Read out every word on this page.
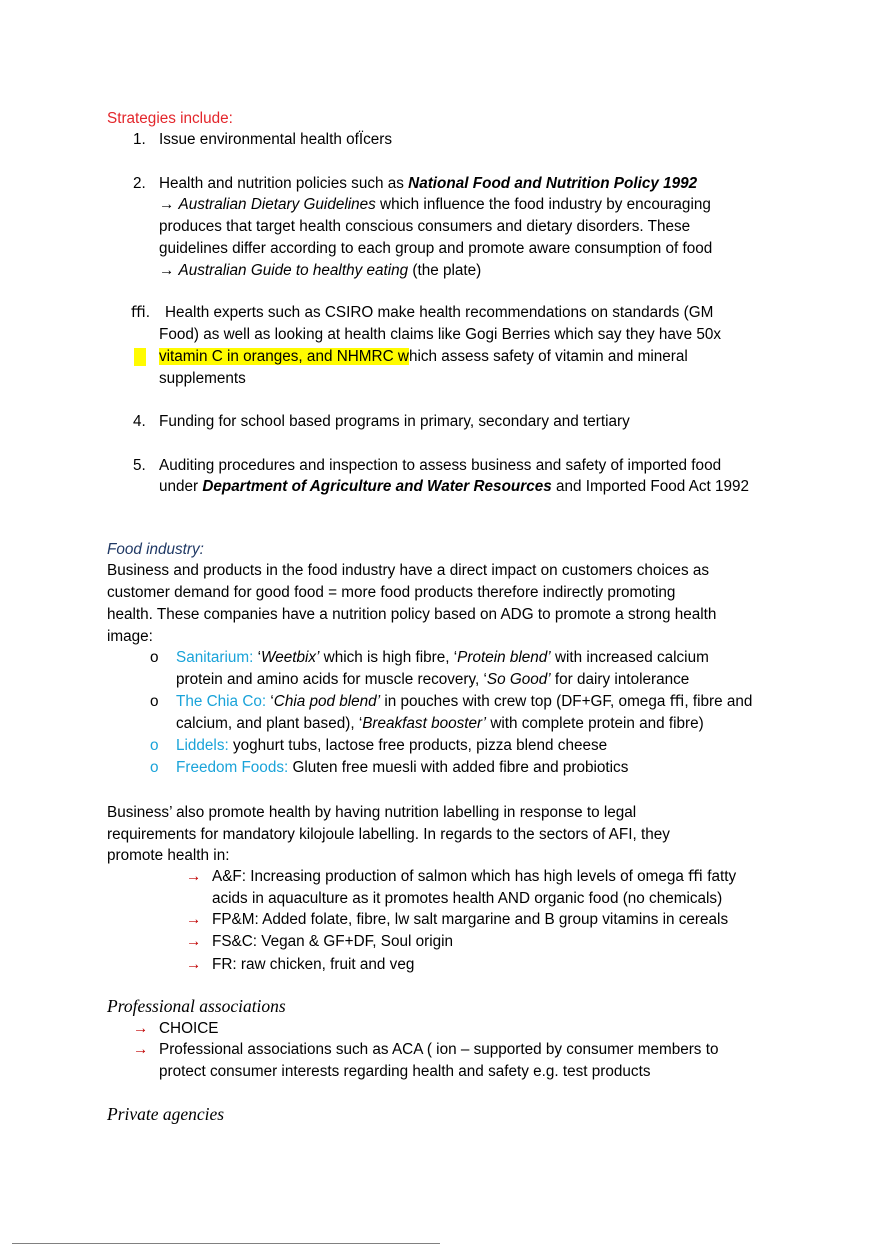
Strategies include:
1. Issue environmental health ofÏcers
2. Health and nutrition policies such as National Food and Nutrition Policy 1992
→ Australian Dietary Guidelines which influence the food industry by encouraging
produces that target health conscious consumers and dietary disorders. These
guidelines differ according to each group and promote aware consumption of food
→ Australian Guide to healthy eating (the plate)
ﬃ. Health experts such as CSIRO make health recommendations on standards (GM
Food) as well as looking at health claims like Gogi Berries which say they have 50x
vitamin C in oranges, and NHMRC which assess safety of vitamin and mineral
supplements
4. Funding for school based programs in primary, secondary and tertiary
5. Auditing procedures and inspection to assess business and safety of imported food
under Department of Agriculture and Water Resources and Imported Food Act 1992
Food industry:
Business and products in the food industry have a direct impact on customers choices as
customer demand for good food = more food products therefore indirectly promoting
health. These companies have a nutrition policy based on ADG to promote a strong health
image:
o Sanitarium: ‘Weetbix’ which is high fibre, ‘Protein blend’ with increased calcium
protein and amino acids for muscle recovery, ‘So Good’ for dairy intolerance
o The Chia Co: ‘Chia pod blend’ in pouches with crew top (DF+GF, omega ﬃ, fibre and
calcium, and plant based), ‘Breakfast booster’ with complete protein and fibre)
o Liddels: yoghurt tubs, lactose free products, pizza blend cheese
o Freedom Foods: Gluten free muesli with added fibre and probiotics
Business’ also promote health by having nutrition labelling in response to legal
requirements for mandatory kilojoule labelling. In regards to the sectors of AFI, they
promote health in:
→ A&F: Increasing production of salmon which has high levels of omega ﬃ fatty
acids in aquaculture as it promotes health AND organic food (no chemicals)
→ FP&M: Added folate, fibre, lw salt margarine and B group vitamins in cereals
→ FS&C: Vegan & GF+DF, Soul origin
→ FR: raw chicken, fruit and veg
Professional associations
→ CHOICE
→ Professional associations such as ACA ( ion – supported by consumer members to
protect consumer interests regarding health and safety e.g. test products
Private agencies
